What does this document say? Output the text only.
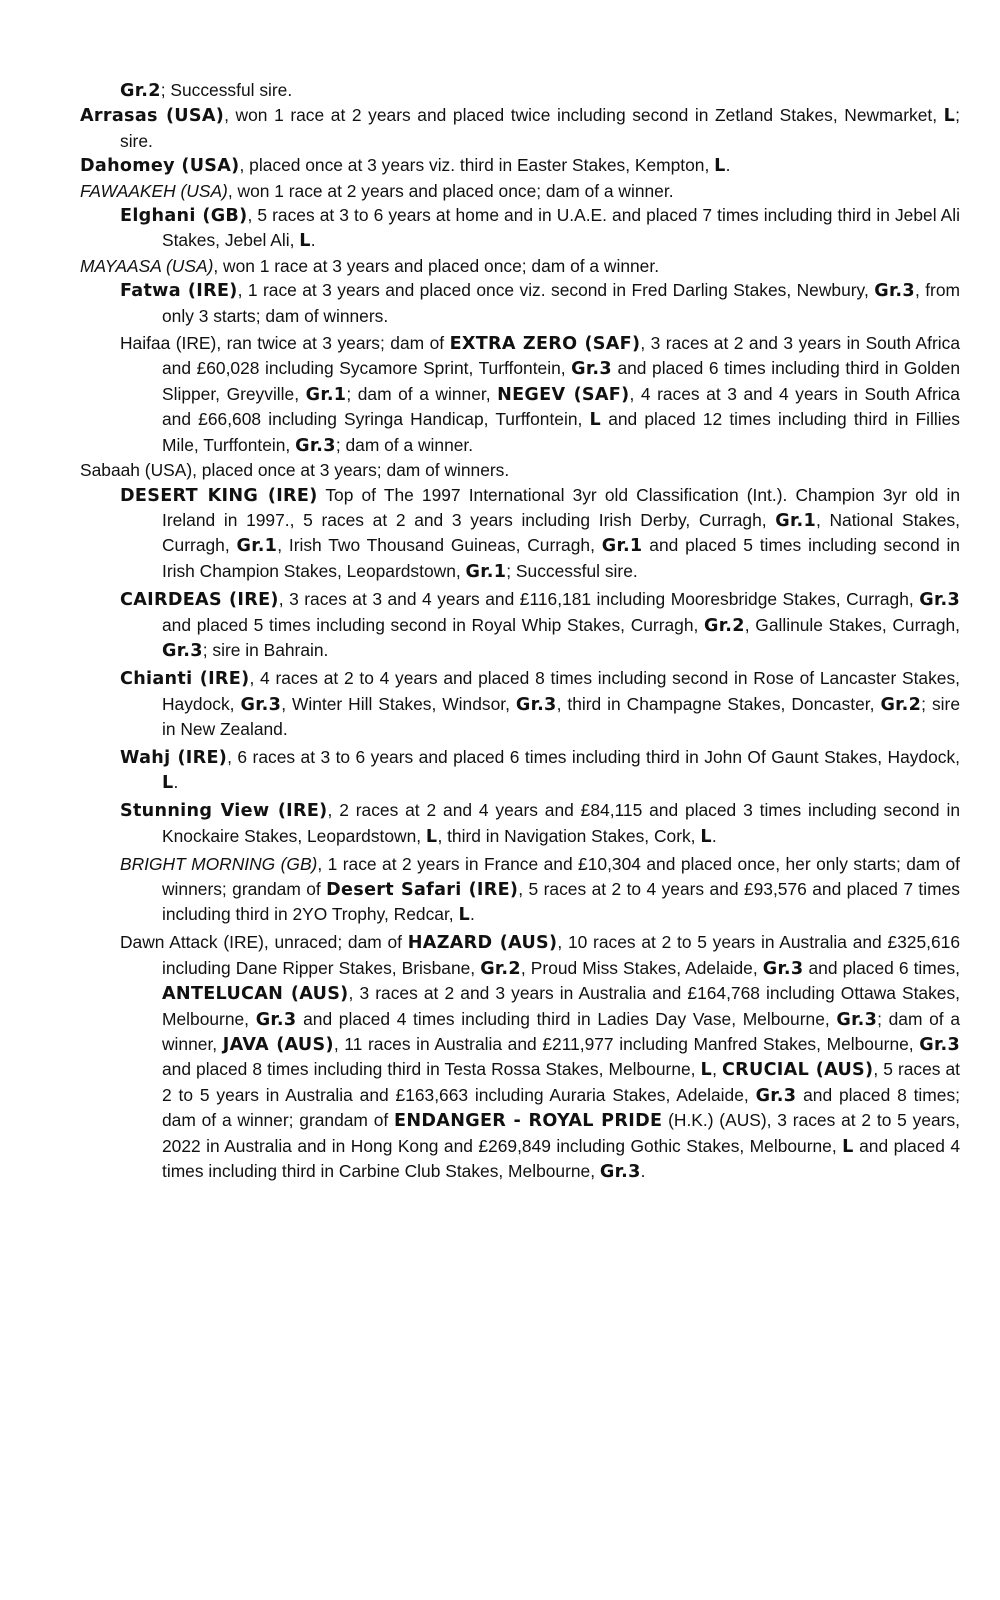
Gr.2; Successful sire.

Arrasas (USA), won 1 race at 2 years and placed twice including second in Zetland Stakes, Newmarket, L; sire.

Dahomey (USA), placed once at 3 years viz. third in Easter Stakes, Kempton, L.

FAWAAKEH (USA), won 1 race at 2 years and placed once; dam of a winner.

Elghani (GB), 5 races at 3 to 6 years at home and in U.A.E. and placed 7 times including third in Jebel Ali Stakes, Jebel Ali, L.

MAYAASA (USA), won 1 race at 3 years and placed once; dam of a winner.

Fatwa (IRE), 1 race at 3 years and placed once viz. second in Fred Darling Stakes, Newbury, Gr.3, from only 3 starts; dam of winners.

Haifaa (IRE), ran twice at 3 years; dam of EXTRA ZERO (SAF), 3 races at 2 and 3 years in South Africa and £60,028 including Sycamore Sprint, Turffontein, Gr.3 and placed 6 times including third in Golden Slipper, Greyville, Gr.1; dam of a winner, NEGEV (SAF), 4 races at 3 and 4 years in South Africa and £66,608 including Syringa Handicap, Turffontein, L and placed 12 times including third in Fillies Mile, Turffontein, Gr.3; dam of a winner.

Sabaah (USA), placed once at 3 years; dam of winners.

DESERT KING (IRE) Top of The 1997 International 3yr old Classification (Int.). Champion 3yr old in Ireland in 1997., 5 races at 2 and 3 years including Irish Derby, Curragh, Gr.1, National Stakes, Curragh, Gr.1, Irish Two Thousand Guineas, Curragh, Gr.1 and placed 5 times including second in Irish Champion Stakes, Leopardstown, Gr.1; Successful sire.

CAIRDEAS (IRE), 3 races at 3 and 4 years and £116,181 including Mooresbridge Stakes, Curragh, Gr.3 and placed 5 times including second in Royal Whip Stakes, Curragh, Gr.2, Gallinule Stakes, Curragh, Gr.3; sire in Bahrain.

Chianti (IRE), 4 races at 2 to 4 years and placed 8 times including second in Rose of Lancaster Stakes, Haydock, Gr.3, Winter Hill Stakes, Windsor, Gr.3, third in Champagne Stakes, Doncaster, Gr.2; sire in New Zealand.

Wahj (IRE), 6 races at 3 to 6 years and placed 6 times including third in John Of Gaunt Stakes, Haydock, L.

Stunning View (IRE), 2 races at 2 and 4 years and £84,115 and placed 3 times including second in Knockaire Stakes, Leopardstown, L, third in Navigation Stakes, Cork, L.

BRIGHT MORNING (GB), 1 race at 2 years in France and £10,304 and placed once, her only starts; dam of winners; grandam of Desert Safari (IRE), 5 races at 2 to 4 years and £93,576 and placed 7 times including third in 2YO Trophy, Redcar, L.

Dawn Attack (IRE), unraced; dam of HAZARD (AUS), 10 races at 2 to 5 years in Australia and £325,616 including Dane Ripper Stakes, Brisbane, Gr.2, Proud Miss Stakes, Adelaide, Gr.3 and placed 6 times, ANTELUCAN (AUS), 3 races at 2 and 3 years in Australia and £164,768 including Ottawa Stakes, Melbourne, Gr.3 and placed 4 times including third in Ladies Day Vase, Melbourne, Gr.3; dam of a winner, JAVA (AUS), 11 races in Australia and £211,977 including Manfred Stakes, Melbourne, Gr.3 and placed 8 times including third in Testa Rossa Stakes, Melbourne, L, CRUCIAL (AUS), 5 races at 2 to 5 years in Australia and £163,663 including Auraria Stakes, Adelaide, Gr.3 and placed 8 times; dam of a winner; grandam of ENDANGER - ROYAL PRIDE (H.K.) (AUS), 3 races at 2 to 5 years, 2022 in Australia and in Hong Kong and £269,849 including Gothic Stakes, Melbourne, L and placed 4 times including third in Carbine Club Stakes, Melbourne, Gr.3.
